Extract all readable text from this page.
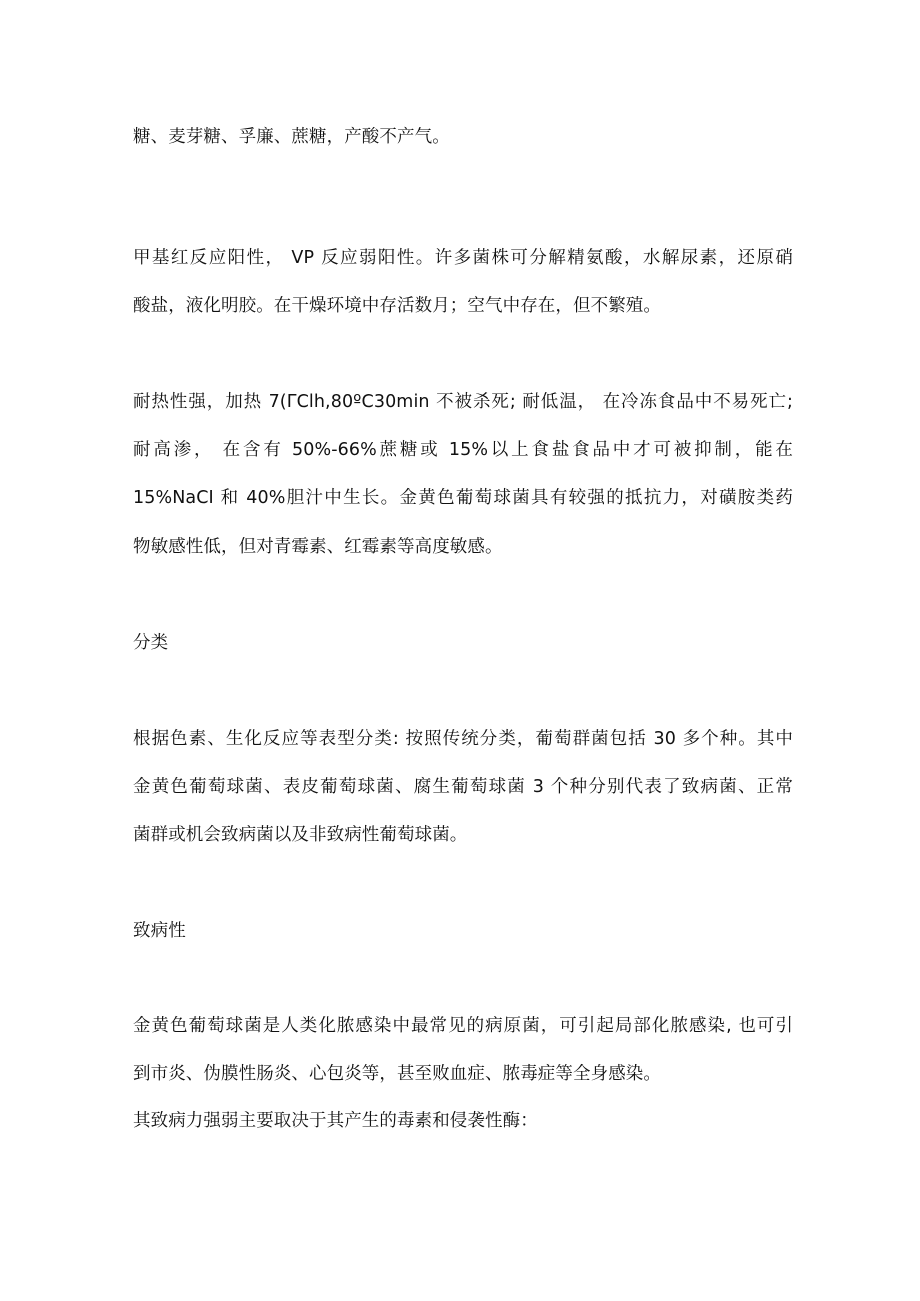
糖、麦芽糖、孚廉、蔗糖，产酸不产气。
甲基红反应阳性， VP 反应弱阳性。许多菌株可分解精氨酸，水解尿素，还原硝
酸盐，液化明胶。在干燥环境中存活数月；空气中存在，但不繁殖。
耐热性强，加热 7(ΓClh,80ºC30min 不被杀死; 耐低温， 在冷冻食品中不易死亡;
耐高渗， 在含有 50%-66%蔗糖或 15%以上食盐食品中才可被抑制，能在
15%NaCI 和 40%胆汁中生长。金黄色葡萄球菌具有较强的抵抗力，对磺胺类药
物敏感性低，但对青霉素、红霉素等高度敏感。
分类
根据色素、生化反应等表型分类: 按照传统分类，葡萄群菌包括 30 多个种。其中
金黄色葡萄球菌、表皮葡萄球菌、腐生葡萄球菌 3 个种分别代表了致病菌、正常
菌群或机会致病菌以及非致病性葡萄球菌。
致病性
金黄色葡萄球菌是人类化脓感染中最常见的病原菌，可引起局部化脓感染, 也可引
到市炎、伪膜性肠炎、心包炎等，甚至败血症、脓毒症等全身感染。
其致病力强弱主要取决于其产生的毒素和侵袭性酶：
